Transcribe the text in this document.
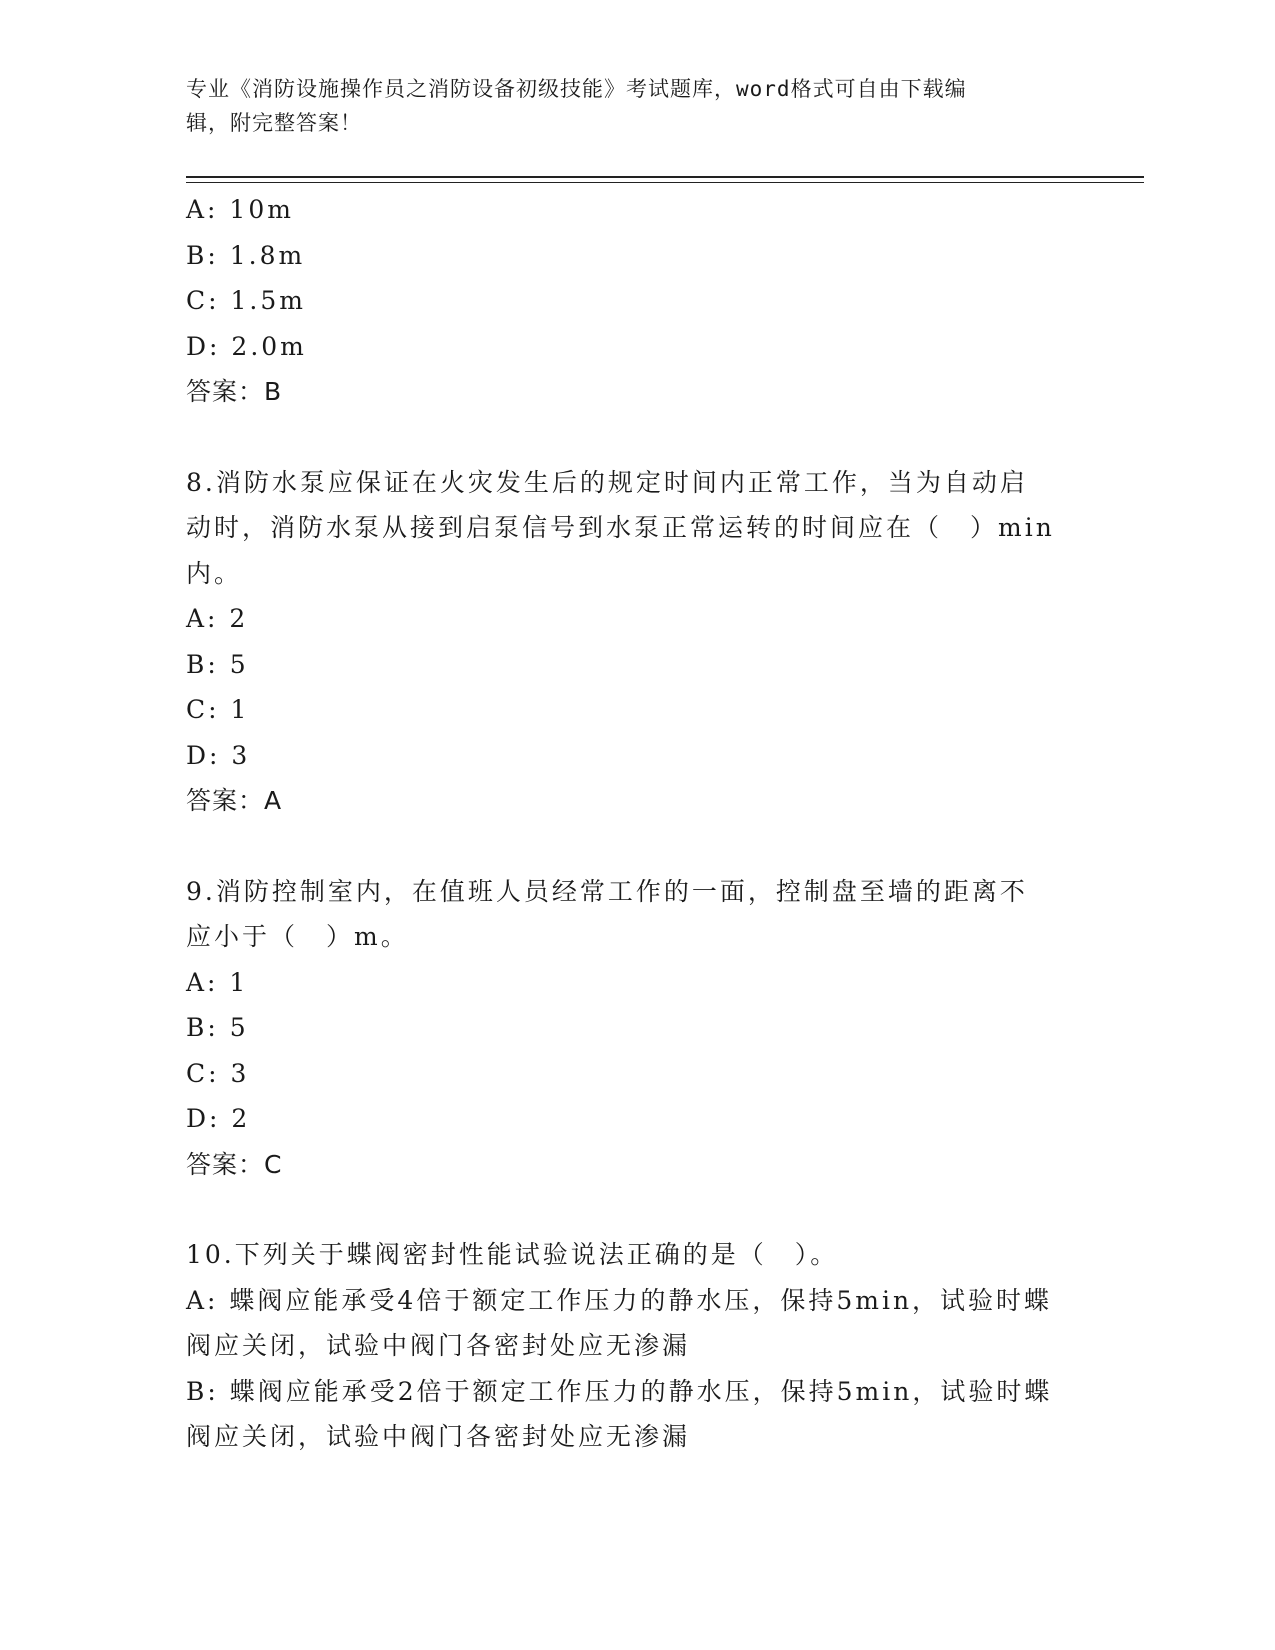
专业《消防设施操作员之消防设备初级技能》考试题库，word格式可自由下载编
辑，附完整答案！
A: 10m
B: 1.8m
C: 1.5m
D: 2.0m
答案：B
8.消防水泵应保证在火灾发生后的规定时间内正常工作，当为自动启
动时，消防水泵从接到启泵信号到水泵正常运转的时间应在（　）min
内。
A: 2
B: 5
C: 1
D: 3
答案：A
9.消防控制室内，在值班人员经常工作的一面，控制盘至墙的距离不
应小于（　）m。
A: 1
B: 5
C: 3
D: 2
答案：C
10.下列关于蝶阀密封性能试验说法正确的是（　）。
A: 蝶阀应能承受4倍于额定工作压力的静水压，保持5min，试验时蝶
阀应关闭，试验中阀门各密封处应无渗漏
B: 蝶阀应能承受2倍于额定工作压力的静水压，保持5min，试验时蝶
阀应关闭，试验中阀门各密封处应无渗漏
